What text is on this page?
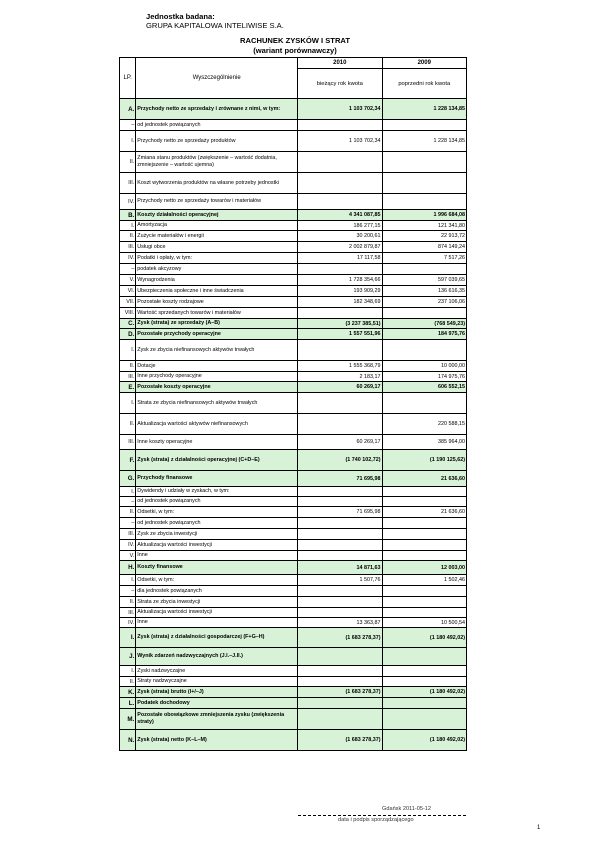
Jednostka badana:
GRUPA KAPITALOWA INTELIWISE S.A.
RACHUNEK ZYSKÓW I STRAT
(wariant porównawczy)
LP.	Wyszczególnienie	2010	2009
		bieżący rok kwota	poprzedni rok kwota
A.	Przychody netto ze sprzedaży i zrównane z nimi, w tym:	1 103 702,34	1 228 134,85
–	od jednostek powiązanych		
I.	Przychody netto ze sprzedaży produktów	1 103 702,34	1 228 134,85
II.	Zmiana stanu produktów (zwiększenie – wartość dodatnia, zmniejszenie – wartość ujemna)		
III.	Koszt wytworzenia produktów na własne potrzeby jednostki		
IV.	Przychody netto ze sprzedaży towarów i materiałów		
B.	Koszty działalności operacyjnej	4 341 087,85	1 996 684,08
I.	Amortyzacja	186 277,15	121 341,80
II.	Zużycie materiałów i energii	30 200,61	22 913,72
III.	Usługi obce	2 002 879,87	874 149,24
IV.	Podatki i opłaty, w tym:	17 117,58	7 517,26
–	podatek akcyzowy		
V.	Wynagrodzenia	1 728 354,66	597 039,65
VI.	Ubezpieczenia społeczne i inne świadczenia	193 909,29	136 616,35
VII.	Pozostałe koszty rodzajowe	182 348,69	237 106,06
VIII.	Wartość sprzedanych towarów i materiałów		
C.	Zysk (strata) ze sprzedaży (A–B)	(3 237 385,51)	(768 549,23)
D.	Pozostałe przychody operacyjne	1 557 551,96	184 975,76
I.	Zysk ze zbycia niefinansowych aktywów trwałych		
II.	Dotacje	1 555 368,79	10 000,00
III.	Inne przychody operacyjne	2 183,17	174 975,76
E.	Pozostałe koszty operacyjne	60 269,17	606 552,15
I.	Strata ze zbycia niefinansowych aktywów trwałych		
II.	Aktualizacja wartości aktywów niefinansowych		220 588,15
III.	Inne koszty operacyjne	60 269,17	385 964,00
F.	Zysk (strata) z działalności operacyjnej (C+D–E)	(1 740 102,72)	(1 190 125,62)
G.	Przychody finansowe	71 695,98	21 636,60
I.	Dywidendy i udziały w zyskach, w tym:		
–	od jednostek powiązanych		
II.	Odsetki, w tym:	71 695,98	21 636,60
–	od jednostek powiązanych		
III.	Zysk ze zbycia inwestycji		
IV.	Aktualizacja wartości inwestycji		
V.	Inne		
H.	Koszty finansowe	14 871,63	12 003,00
I.	Odsetki, w tym:	1 507,76	1 502,46
–	dla jednostek powiązanych		
II.	Strata ze zbycia inwestycji		
III.	Aktualizacja wartości inwestycji		
IV.	Inne	13 363,87	10 500,54
I.	Zysk (strata) z działalności gospodarczej (F+G–H)	(1 683 278,37)	(1 180 492,02)
J.	Wynik zdarzeń nadzwyczajnych (J.I.–J.II.)		
I.	Zyski nadzwyczajne		
II.	Straty nadzwyczajne		
K.	Zysk (strata) brutto (I+/–J)	(1 683 278,37)	(1 180 492,02)
L.	Podatek dochodowy		
M.	Pozostałe obowiązkowe zmniejszenia zysku (zwiększenia straty)		
N.	Zysk (strata) netto (K–L–M)	(1 683 278,37)	(1 180 492,02)
Gdańsk 2011-05-12
data i podpis sporządzającego
1
